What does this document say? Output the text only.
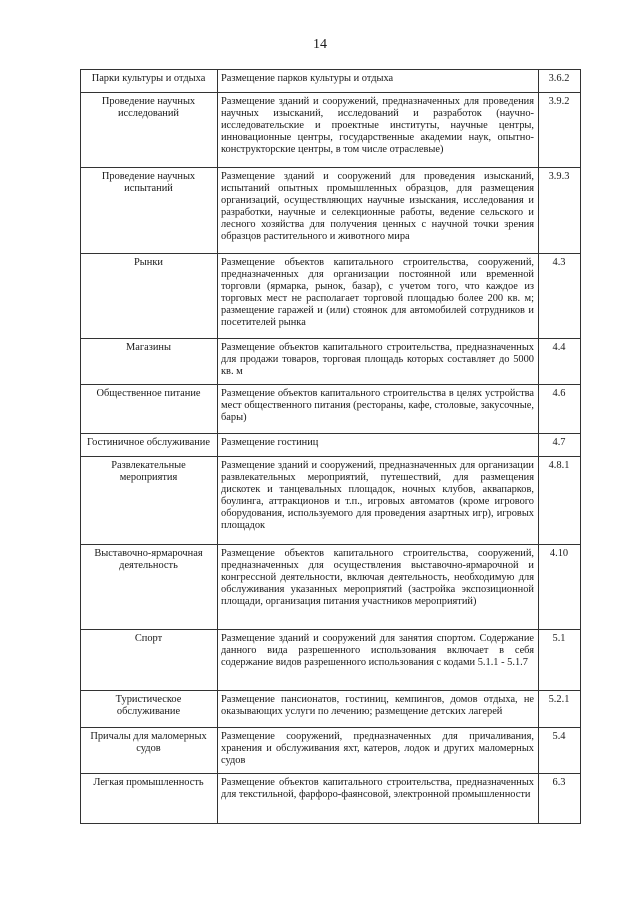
14
Парки культуры и отдыха	Размещение парков культуры и отдыха	3.6.2
Проведение научных исследований	Размещение зданий и сооружений, предназначенных для проведения научных изысканий, исследований и разработок (научно-исследовательские и проектные институты, научные центры, инновационные центры, государственные академии наук, опытно-конструкторские центры, в том числе отраслевые)	3.9.2
Проведение научных испытаний	Размещение зданий и сооружений для проведения изысканий, испытаний опытных промышленных образцов, для размещения организаций, осуществляющих научные изыскания, исследования и разработки, научные и селекционные работы, ведение сельского и лесного хозяйства для получения ценных с научной точки зрения образцов растительного и животного мира	3.9.3
Рынки	Размещение объектов капитального строительства, сооружений, предназначенных для организации постоянной или временной торговли (ярмарка, рынок, базар), с учетом того, что каждое из торговых мест не располагает торговой площадью более 200 кв. м; размещение гаражей и (или) стоянок для автомобилей сотрудников и посетителей рынка	4.3
Магазины	Размещение объектов капитального строительства, предназначенных для продажи товаров, торговая площадь которых составляет до 5000 кв. м	4.4
Общественное питание	Размещение объектов капитального строительства в целях устройства мест общественного питания (рестораны, кафе, столовые, закусочные, бары)	4.6
Гостиничное обслуживание	Размещение гостиниц	4.7
Развлекательные мероприятия	Размещение зданий и сооружений, предназначенных для организации развлекательных мероприятий, путешествий, для размещения дискотек и танцевальных площадок, ночных клубов, аквапарков, боулинга, аттракционов и т.п., игровых автоматов (кроме игрового оборудования, используемого для проведения азартных игр), игровых площадок	4.8.1
Выставочно-ярмарочная деятельность	Размещение объектов капитального строительства, сооружений, предназначенных для осуществления выставочно-ярмарочной и конгрессной деятельности, включая деятельность, необходимую для обслуживания указанных мероприятий (застройка экспозиционной площади, организация питания участников мероприятий)	4.10
Спорт	Размещение зданий и сооружений для занятия спортом. Содержание данного вида разрешенного использования включает в себя содержание видов разрешенного использования с кодами 5.1.1 - 5.1.7	5.1
Туристическое обслуживание	Размещение пансионатов, гостиниц, кемпингов, домов отдыха, не оказывающих услуги по лечению; размещение детских лагерей	5.2.1
Причалы для маломерных судов	Размещение сооружений, предназначенных для причаливания, хранения и обслуживания яхт, катеров, лодок и других маломерных судов	5.4
Легкая промышленность	Размещение объектов капитального строительства, предназначенных для текстильной, фарфоро-фаянсовой, электронной промышленности	6.3
